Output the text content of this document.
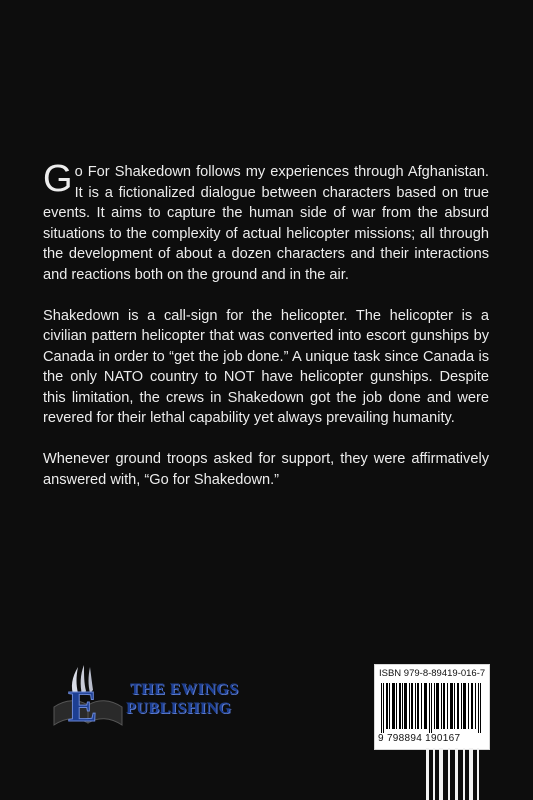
Go For Shakedown follows my experiences through Afghanistan. It is a fictionalized dialogue between characters based on true events. It aims to capture the human side of war from the absurd situations to the complexity of actual helicopter missions; all through the development of about a dozen characters and their interactions and reactions both on the ground and in the air.

Shakedown is a call-sign for the helicopter. The helicopter is a civilian pattern helicopter that was converted into escort gunships by Canada in order to “get the job done.” A unique task since Canada is the only NATO country to NOT have helicopter gunships. Despite this limitation, the crews in Shakedown got the job done and were revered for their lethal capability yet always prevailing humanity.

Whenever ground troops asked for support, they were affirmatively answered with, “Go for Shakedown.”

E THE EWINGS
PUBLISHING
ISBN 979-8-89419-016-7
9 798894 190167
